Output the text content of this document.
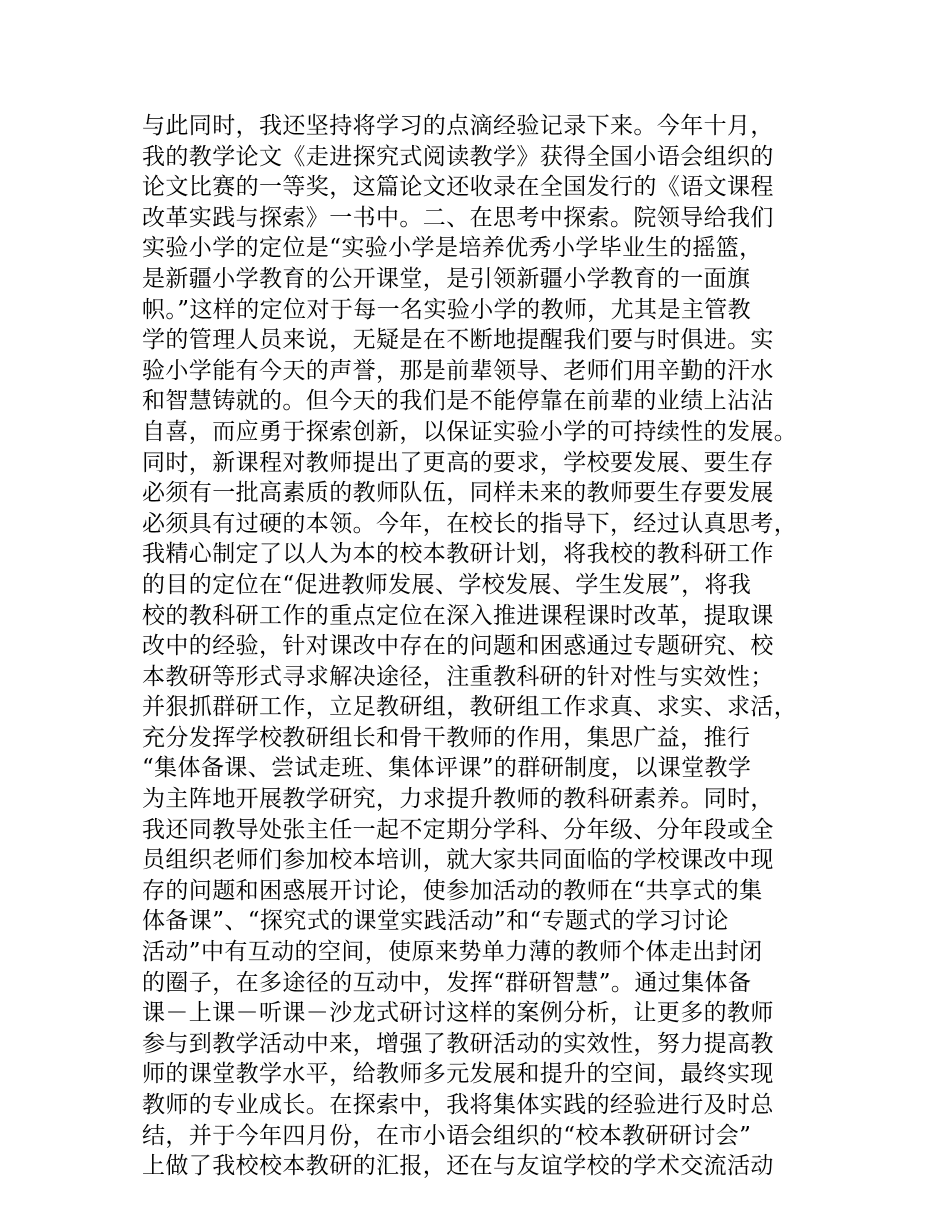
与此同时，我还坚持将学习的点滴经验记录下来。今年十月，
我的教学论文《走进探究式阅读教学》获得全国小语会组织的
论文比赛的一等奖，这篇论文还收录在全国发行的《语文课程
改革实践与探索》一书中。二、在思考中探索。院领导给我们
实验小学的定位是“实验小学是培养优秀小学毕业生的摇篮，
是新疆小学教育的公开课堂，是引领新疆小学教育的一面旗
帜。”这样的定位对于每一名实验小学的教师，尤其是主管教
学的管理人员来说，无疑是在不断地提醒我们要与时俱进。实
验小学能有今天的声誉，那是前辈领导、老师们用辛勤的汗水
和智慧铸就的。但今天的我们是不能停靠在前辈的业绩上沾沾
自喜，而应勇于探索创新，以保证实验小学的可持续性的发展。
同时，新课程对教师提出了更高的要求，学校要发展、要生存
必须有一批高素质的教师队伍，同样未来的教师要生存要发展
必须具有过硬的本领。今年，在校长的指导下，经过认真思考，
我精心制定了以人为本的校本教研计划，将我校的教科研工作
的目的定位在“促进教师发展、学校发展、学生发展”，将我
校的教科研工作的重点定位在深入推进课程课时改革，提取课
改中的经验，针对课改中存在的问题和困惑通过专题研究、校
本教研等形式寻求解决途径，注重教科研的针对性与实效性；
并狠抓群研工作，立足教研组，教研组工作求真、求实、求活，
充分发挥学校教研组长和骨干教师的作用，集思广益，推行
“集体备课、尝试走班、集体评课”的群研制度，以课堂教学
为主阵地开展教学研究，力求提升教师的教科研素养。同时，
我还同教导处张主任一起不定期分学科、分年级、分年段或全
员组织老师们参加校本培训，就大家共同面临的学校课改中现
存的问题和困惑展开讨论，使参加活动的教师在“共享式的集
体备课”、“探究式的课堂实践活动”和“专题式的学习讨论
活动”中有互动的空间，使原来势单力薄的教师个体走出封闭
的圈子，在多途径的互动中，发挥“群研智慧”。通过集体备
课－上课－听课－沙龙式研讨这样的案例分析，让更多的教师
参与到教学活动中来，增强了教研活动的实效性，努力提高教
师的课堂教学水平，给教师多元发展和提升的空间，最终实现
教师的专业成长。在探索中，我将集体实践的经验进行及时总
结，并于今年四月份，在市小语会组织的“校本教研研讨会”
上做了我校校本教研的汇报，还在与友谊学校的学术交流活动
